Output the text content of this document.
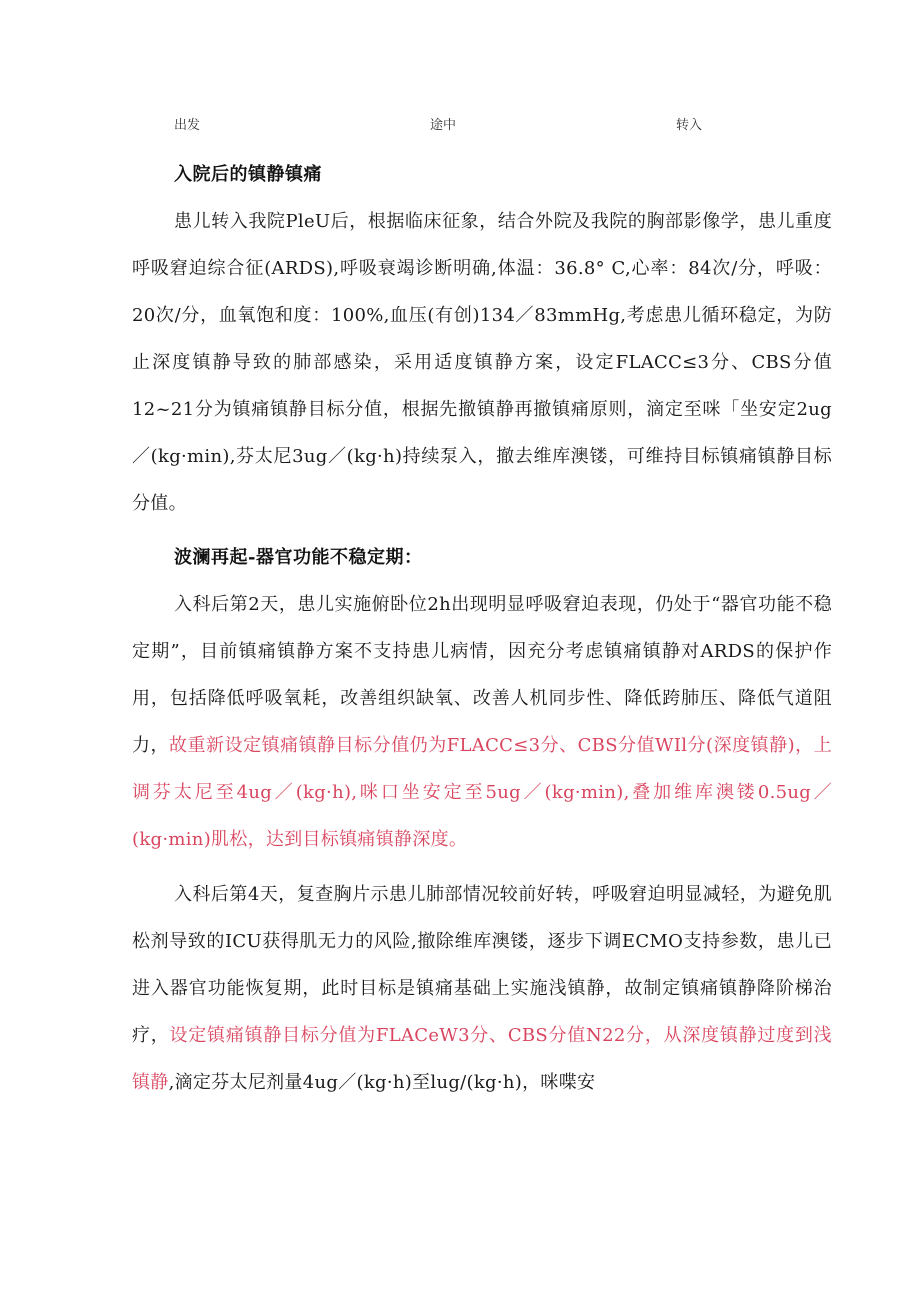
出发	途中	转入
入院后的镇静镇痛

患儿转入我院PleU后，根据临床征象，结合外院及我院的胸部影像学，患儿重度呼吸窘迫综合征(ARDS),呼吸衰竭诊断明确,体温：36.8° C,心率：84次/分，呼吸：20次/分，血氧饱和度：100%,血压(有创)134／83mmHg,考虑患儿循环稳定，为防止深度镇静导致的肺部感染，采用适度镇静方案，设定FLACC≤3分、CBS分值12~21分为镇痛镇静目标分值，根据先撤镇静再撤镇痛原则，滴定至咪「坐安定2ug／(kg·min),芬太尼3ug／(kg·h)持续泵入，撤去维库澳镂，可维持目标镇痛镇静目标分值。

波澜再起-器官功能不稳定期：

入科后第2天，患儿实施俯卧位2h出现明显呼吸窘迫表现，仍处于“器官功能不稳定期”，目前镇痛镇静方案不支持患儿病情，因充分考虑镇痛镇静对ARDS的保护作用，包括降低呼吸氧耗，改善组织缺氧、改善人机同步性、降低跨肺压、降低气道阻力，故重新设定镇痛镇静目标分值仍为FLACC≤3分、CBS分值WIl分(深度镇静)，上调芬太尼至4ug／(kg·h),咪口坐安定至5ug／(kg·min),叠加维库澳镂0.5ug／(kg·min)肌松，达到目标镇痛镇静深度。

入科后第4天，复查胸片示患儿肺部情况较前好转，呼吸窘迫明显减轻，为避免肌松剂导致的ICU获得肌无力的风险,撤除维库澳镂，逐步下调ECMO支持参数，患儿已进入器官功能恢复期，此时目标是镇痛基础上实施浅镇静，故制定镇痛镇静降阶梯治疗，设定镇痛镇静目标分值为FLACeW3分、CBS分值N22分，从深度镇静过度到浅镇静,滴定芬太尼剂量4ug／(kg·h)至lug/(kg·h)，咪喋安
